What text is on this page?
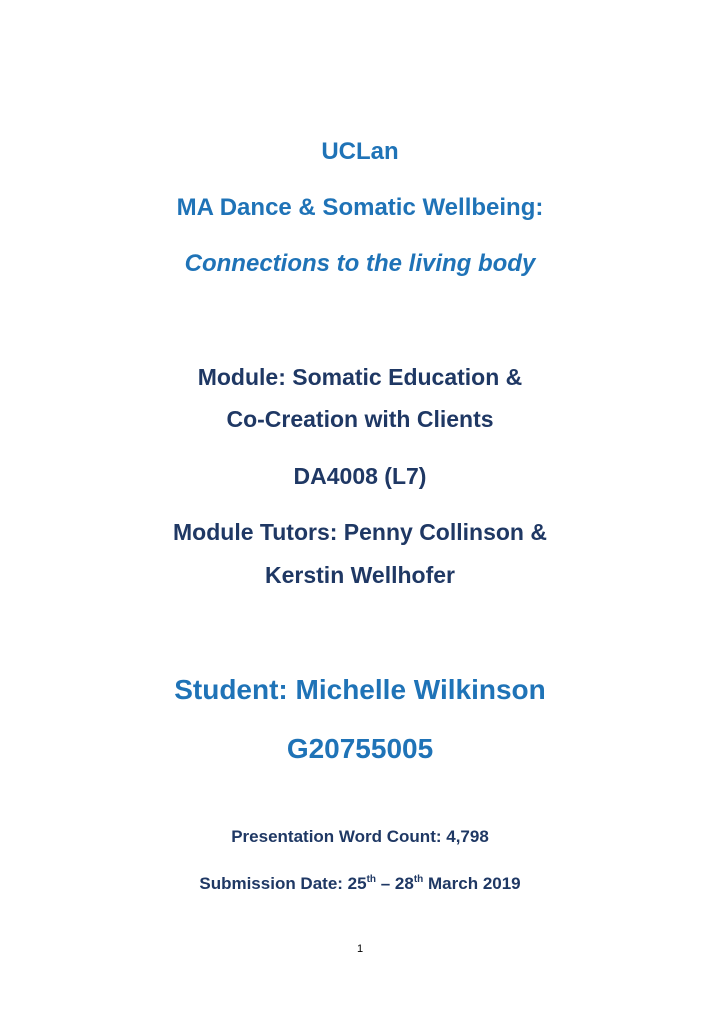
UCLan
MA Dance & Somatic Wellbeing:
Connections to the living body
Module: Somatic Education &
Co-Creation with Clients
DA4008 (L7)
Module Tutors: Penny Collinson &
Kerstin Wellhofer
Student: Michelle Wilkinson
G20755005
Presentation Word Count: 4,798
Submission Date: 25th – 28th March 2019
1
